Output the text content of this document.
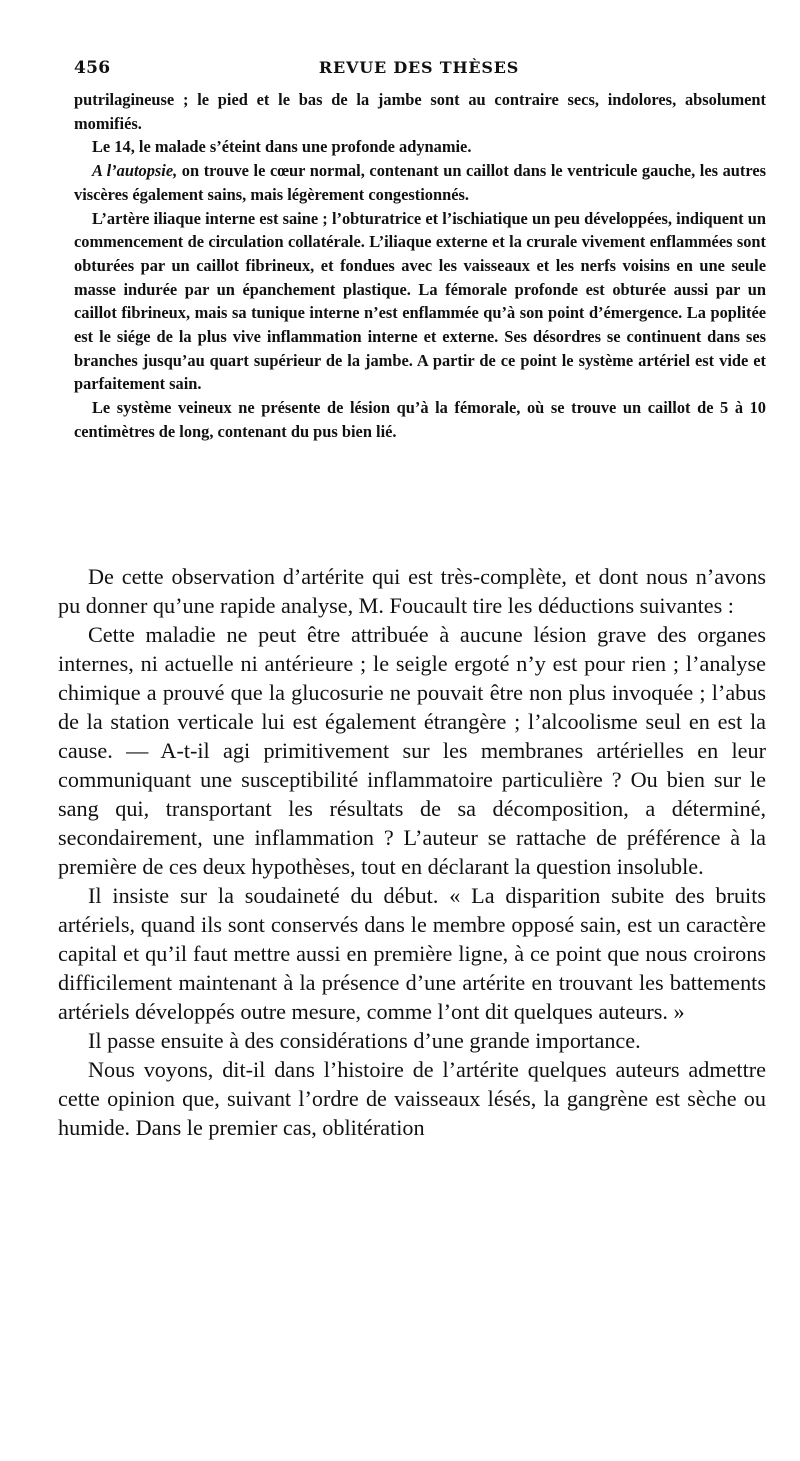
456	REVUE DES THÈSES

putrilagineuse ; le pied et le bas de la jambe sont au contraire secs, indolores, absolument momifiés.

Le 14, le malade s’éteint dans une profonde adynamie.

A l’autopsie, on trouve le cœur normal, contenant un caillot dans le ventricule gauche, les autres viscères également sains, mais légèrement congestionnés.

L’artère iliaque interne est saine ; l’obturatrice et l’ischiatique un peu développées, indiquent un commencement de circulation collatérale. L’iliaque externe et la crurale vivement enflammées sont obturées par un caillot fibrineux, et fondues avec les vaisseaux et les nerfs voisins en une seule masse indurée par un épanchement plastique. La fémorale profonde est obturée aussi par un caillot fibrineux, mais sa tunique interne n’est enflammée qu’à son point d’émergence. La poplitée est le siége de la plus vive inflammation interne et externe. Ses désordres se continuent dans ses branches jusqu’au quart supérieur de la jambe. A partir de ce point le système artériel est vide et parfaitement sain.

Le système veineux ne présente de lésion qu’à la fémorale, où se trouve un caillot de 5 à 10 centimètres de long, contenant du pus bien lié.

De cette observation d’artérite qui est très-complète, et dont nous n’avons pu donner qu’une rapide analyse, M. Foucault tire les déductions suivantes :

Cette maladie ne peut être attribuée à aucune lésion grave des organes internes, ni actuelle ni antérieure ; le seigle ergoté n’y est pour rien ; l’analyse chimique a prouvé que la glucosurie ne pouvait être non plus invoquée ; l’abus de la station verticale lui est également étrangère ; l’alcoolisme seul en est la cause. — A-t-il agi primitivement sur les membranes artérielles en leur communiquant une susceptibilité inflammatoire particulière ? Ou bien sur le sang qui, transportant les résultats de sa décomposition, a déterminé, secondairement, une inflammation ? L’auteur se rattache de préférence à la première de ces deux hypothèses, tout en déclarant la question insoluble.

Il insiste sur la soudaineté du début. « La disparition subite des bruits artériels, quand ils sont conservés dans le membre opposé sain, est un caractère capital et qu’il faut mettre aussi en première ligne, à ce point que nous croirons difficilement maintenant à la présence d’une artérite en trouvant les battements artériels développés outre mesure, comme l’ont dit quelques auteurs. »

Il passe ensuite à des considérations d’une grande importance.

Nous voyons, dit-il dans l’histoire de l’artérite quelques auteurs admettre cette opinion que, suivant l’ordre de vaisseaux lésés, la gangrène est sèche ou humide. Dans le premier cas, oblitération
